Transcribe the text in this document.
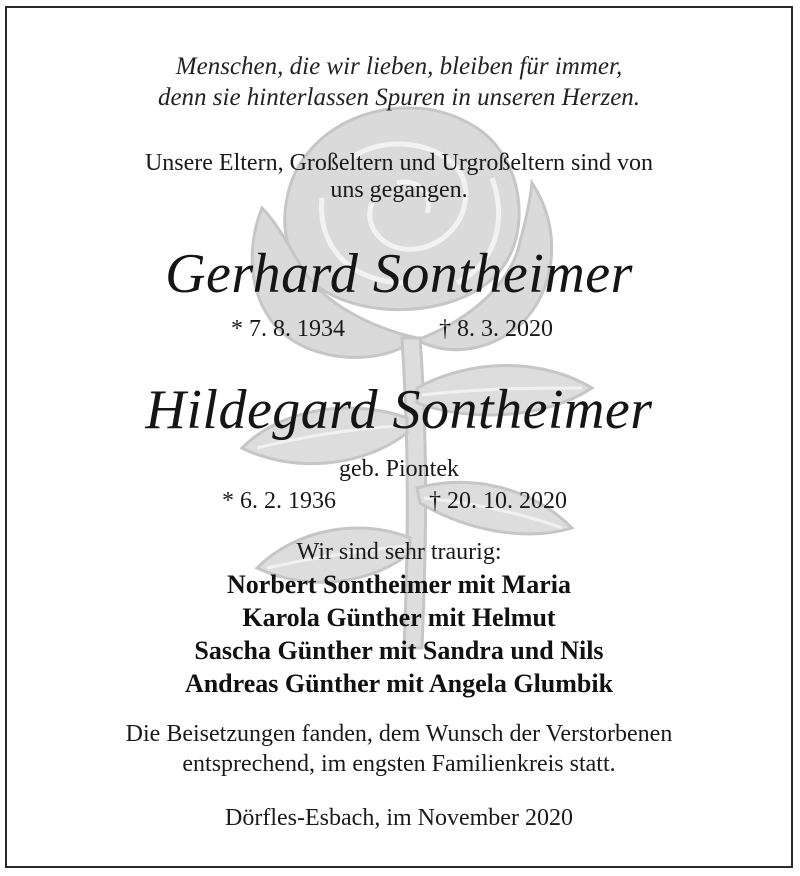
Menschen, die wir lieben, bleiben für immer,
denn sie hinterlassen Spuren in unseren Herzen.
Unsere Eltern, Großeltern und Urgroßeltern sind von
uns gegangen.
Gerhard Sontheimer
* 7. 8. 1934	† 8. 3. 2020
Hildegard Sontheimer
geb. Piontek
* 6. 2. 1936	† 20. 10. 2020
Wir sind sehr traurig:
Norbert Sontheimer mit Maria
Karola Günther mit Helmut
Sascha Günther mit Sandra und Nils
Andreas Günther mit Angela Glumbik
Die Beisetzungen fanden, dem Wunsch der Verstorbenen
entsprechend, im engsten Familienkreis statt.
Dörfles-Esbach, im November 2020
